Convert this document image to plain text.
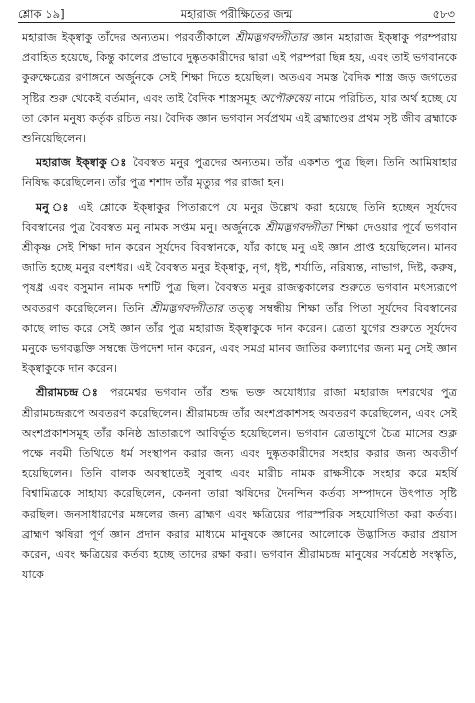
শ্লোক ১৯]	মহারাজ পরীক্ষিতের জন্ম	৫৮৩

মহারাজ ইক্ষ্বাকু তাঁদের অন্যতম। পরবর্তীকালে শ্রীমদ্ভগবদ্গীতার জ্ঞান মহারাজ ইক্ষ্বাকু পরম্পরায় প্রবাহিত হয়েছে, কিন্তু কালের প্রভাবে দুষ্কৃতকারীদের দ্বারা এই পরম্পরা ছিন্ন হয়, এবং তাই ভগবানকে কুরুক্ষেত্রের রণাঙ্গনে অর্জুনকে সেই শিক্ষা দিতে হয়েছিল। অতএব সমস্ত বৈদিক শাস্ত্র জড় জগতের সৃষ্টির শুরু থেকেই বর্তমান, এবং তাই বৈদিক শাস্ত্রসমূহ অপৌরুষেয় নামে পরিচিত, যার অর্থ হচ্ছে যে তা কোন মনুষ্য কর্তৃক রচিত নয়। বৈদিক জ্ঞান ভগবান সর্বপ্রথম এই ব্রহ্মাণ্ডের প্রথম সৃষ্ট জীব ব্রহ্মাকে শুনিয়েছিলেন।

মহারাজ ইক্ষ্বাকু ঃ বৈবস্বত মনুর পুত্রদের অন্যতম। তাঁর একশত পুত্র ছিল। তিনি আমিষাহার নিষিদ্ধ করেছিলেন। তাঁর পুত্র শশাদ তাঁর মৃত্যুর পর রাজা হন।

মনু ঃ এই শ্লোকে ইক্ষ্বাকুর পিতারূপে যে মনুর উল্লেখ করা হয়েছে তিনি হচ্ছেন সূর্যদেব বিবস্বানের পুত্র বৈবস্বত মনু নামক সপ্তম মনু। অর্জুনকে শ্রীমদ্ভগবদ্গীতা শিক্ষা দেওয়ার পূর্বে ভগবান শ্রীকৃষ্ণ সেই শিক্ষা দান করেন সূর্যদেব বিবস্বানকে, যাঁর কাছে মনু এই জ্ঞান প্রাপ্ত হয়েছিলেন। মানব জাতি হচ্ছে মনুর বংশধর। এই বৈবস্বত মনুর ইক্ষ্বাকু, নৃগ, ধৃষ্ট, শর্যাতি, নরিষ্যন্ত, নাভাগ, দিষ্ট, করুষ, পৃষধ্র এবং বসুমান নামক দশটি পুত্র ছিল। বৈবস্বত মনুর রাজত্বকালের শুরুতে ভগবান মৎস্যরূপে অবতরণ করেছিলেন। তিনি শ্রীমদ্ভগবদ্গীতার তত্ত্ব সম্বন্ধীয় শিক্ষা তাঁর পিতা সূর্যদেব বিবস্বানের কাছে লাভ করে সেই জ্ঞান তাঁর পুত্র মহারাজ ইক্ষ্বাকুকে দান করেন। ত্রেতা যুগের শুরুতে সূর্যদেব মনুকে ভগবদ্ভক্তি সম্বন্ধে উপদেশ দান করেন, এবং সমগ্র মানব জাতির কল্যাণের জন্য মনু সেই জ্ঞান ইক্ষ্বাকুকে দান করেন।

শ্রীরামচন্দ্র ঃ পরমেশ্বর ভগবান তাঁর শুদ্ধ ভক্ত অযোধ্যার রাজা মহারাজ দশরথের পুত্র শ্রীরামচন্দ্ররূপে অবতরণ করেছিলেন। শ্রীরামচন্দ্র তাঁর অংশপ্রকাশসহ অবতরণ করেছিলেন, এবং সেই অংশপ্রকাশসমূহ তাঁর কনিষ্ঠ ভ্রাতারূপে আবির্ভূত হয়েছিলেন। ভগবান ত্রেতাযুগে চৈত্র মাসের শুক্ল পক্ষে নবমী তিথিতে ধর্ম সংস্থাপন করার জন্য এবং দুষ্কৃতকারীদের সংহার করার জন্য অবতীর্ণ হয়েছিলেন। তিনি বালক অবস্থাতেই সুবাহু এবং মারীচ নামক রাক্ষসীকে সংহার করে মহর্ষি বিশ্বামিত্রকে সাহায্য করেছিলেন, কেননা তারা ঋষিদের দৈনন্দিন কর্তব্য সম্পাদনে উৎপাত সৃষ্টি করছিল। জনসাধারণের মঙ্গলের জন্য ব্রাহ্মণ এবং ক্ষত্রিয়ের পারস্পরিক সহযোগিতা করা কর্তব্য। ব্রাহ্মণ ঋষিরা পূর্ণ জ্ঞান প্রদান করার মাধ্যমে মানুষকে জ্ঞানের আলোকে উদ্ভাসিত করার প্রয়াস করেন, এবং ক্ষত্রিয়ের কর্তব্য হচ্ছে তাদের রক্ষা করা। ভগবান শ্রীরামচন্দ্র মানুষের সর্বশ্রেষ্ঠ সংস্কৃতি, যাকে
